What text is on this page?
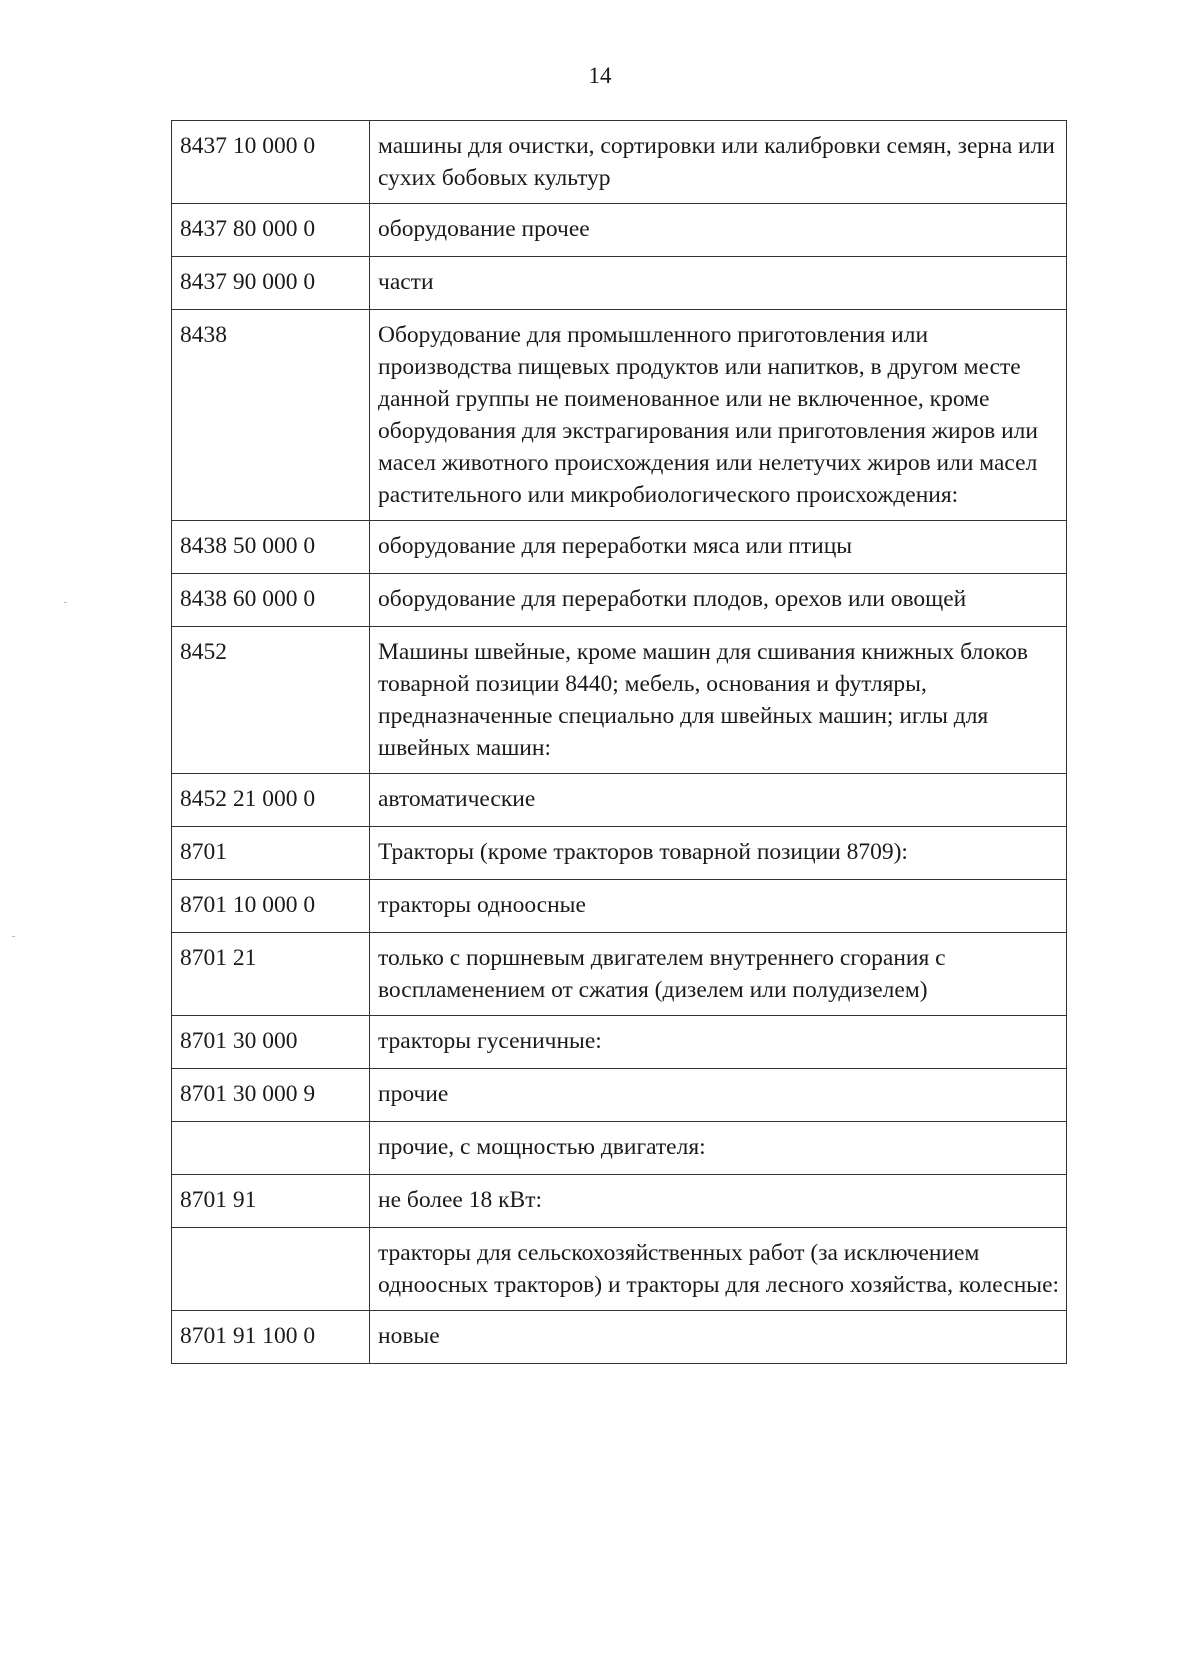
14
8437 10 000 0	машины для очистки, сортировки или калибровки семян, зерна или сухих бобовых культур
8437 80 000 0	оборудование прочее
8437 90 000 0	части
8438	Оборудование для промышленного приготовления или производства пищевых продуктов или напитков, в другом месте данной группы не поименованное или не включенное, кроме оборудования для экстрагирования или приготовления жиров или масел животного происхождения или нелетучих жиров или масел растительного или микробиологического происхождения:
8438 50 000 0	оборудование для переработки мяса или птицы
8438 60 000 0	оборудование для переработки плодов, орехов или овощей
8452	Машины швейные, кроме машин для сшивания книжных блоков товарной позиции 8440; мебель, основания и футляры, предназначенные специально для швейных машин; иглы для швейных машин:
8452 21 000 0	автоматические
8701	Тракторы (кроме тракторов товарной позиции 8709):
8701 10 000 0	тракторы одноосные
8701 21	только с поршневым двигателем внутреннего сгорания с воспламенением от сжатия (дизелем или полудизелем)
8701 30 000	тракторы гусеничные:
8701 30 000 9	прочие
	прочие, с мощностью двигателя:
8701 91	не более 18 кВт:
	тракторы для сельскохозяйственных работ (за исключением одноосных тракторов) и тракторы для лесного хозяйства, колесные:
8701 91 100 0	новые
